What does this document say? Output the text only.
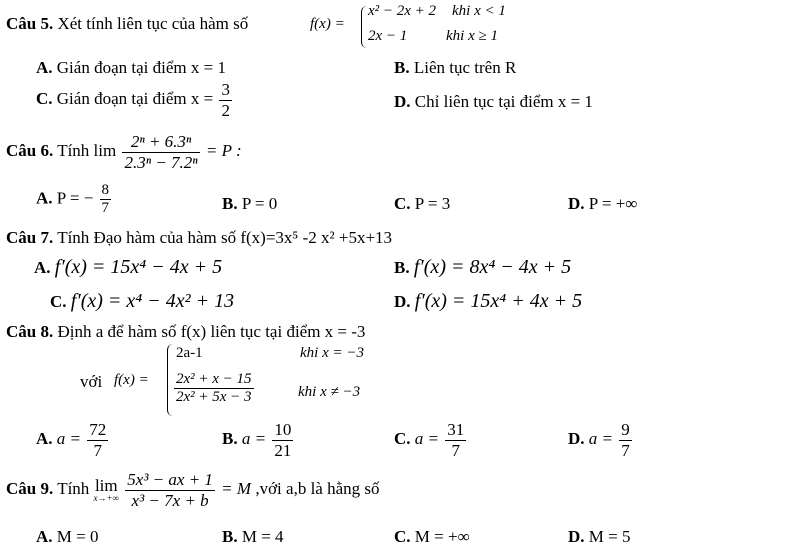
Câu 5. Xét tính liên tục của hàm số	f(x) =
x² − 2x + 2 khi x < 1
2x − 1	khi x ≥ 1
A. Gián đoạn tại điểm x = 1	B. Liên tục trên R
C. Gián đoạn tại điểm $x = \frac{3}{2}$	D. Chỉ liên tục tại điểm x = 1
Câu 6. Tính $\lim \frac{\text{2ⁿ + 6.3ⁿ}}{\text{2.3ⁿ − 7.2ⁿ}} = P$ :
A. P = − $\frac{8}{7}$	B. P = 0	C. P = 3	D. P = +∞
Câu 7. Tính Đạo hàm của hàm số f(x)=3x⁵ -2 x² +5x+13
A. f′(x) = 15x⁴ − 4x + 5	B. f′(x) = 8x⁴ − 4x + 5
C. f′(x) = x⁴ − 4x² + 13	D. f′(x) = 15x⁴ + 4x + 5
Câu 8. Định a để hàm số f(x) liên tục tại điểm x = -3
với f(x) =
2a-1	khi x = −3
$\frac{\text{2x² + x − 15}}{\text{2x² + 5x − 3}}$	khi x ≠ −3
A. $a = \frac{72}{7}$	B. $a = \frac{10}{21}$	C. $a = \frac{31}{7}$	D. $a = \frac{9}{7}$
Câu 9. Tính lim
x→+∞
$\frac{\text{5x³ − ax + 1}}{\text{x³ − 7x + b}} = M$ ,với a,b là hằng số
A. M = 0	B. M = 4	C. M = +∞	D. M = 5
